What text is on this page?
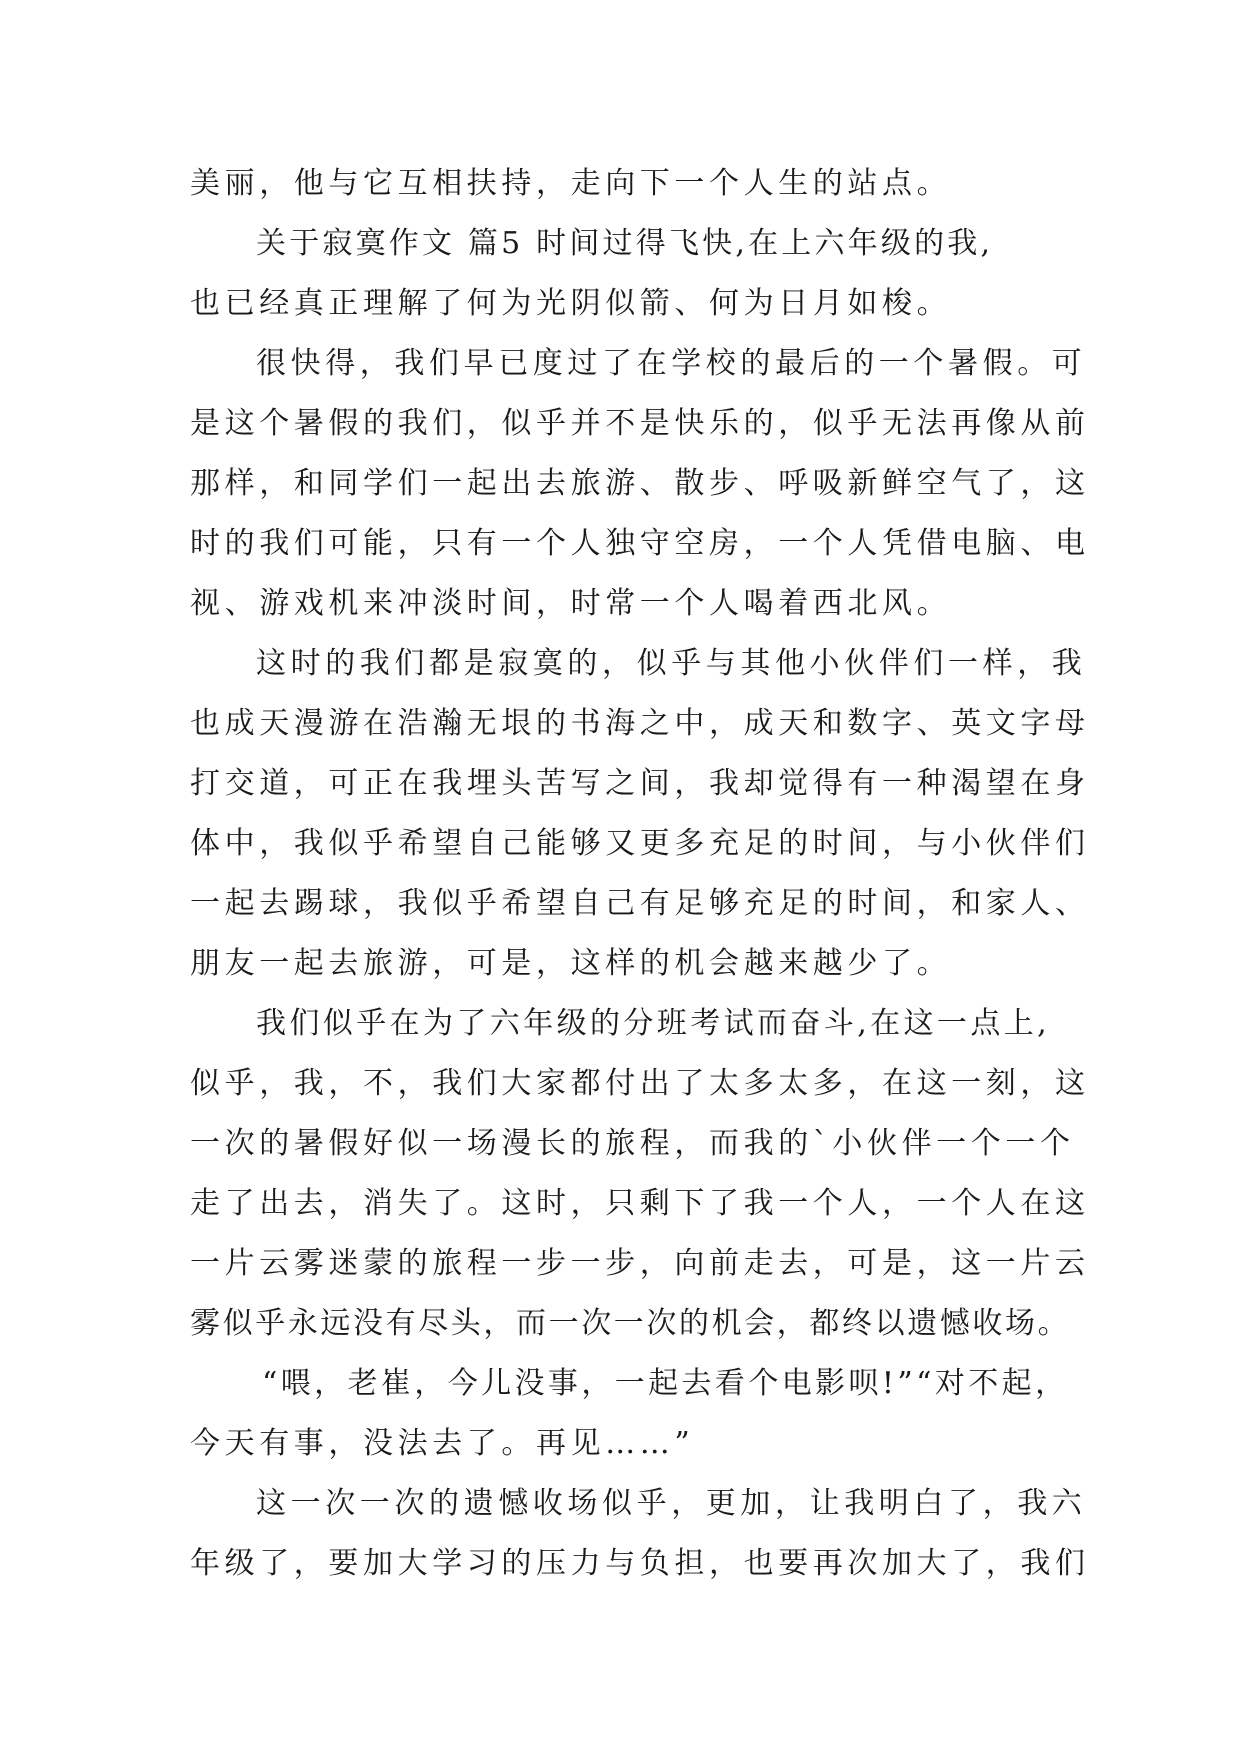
美丽，他与它互相扶持，走向下一个人生的站点。
关于寂寞作文 篇5 时间过得飞快,在上六年级的我,
也已经真正理解了何为光阴似箭、何为日月如梭。
很快得，我们早已度过了在学校的最后的一个暑假。可
是这个暑假的我们，似乎并不是快乐的，似乎无法再像从前
那样，和同学们一起出去旅游、散步、呼吸新鲜空气了，这
时的我们可能，只有一个人独守空房，一个人凭借电脑、电
视、游戏机来冲淡时间，时常一个人喝着西北风。
这时的我们都是寂寞的，似乎与其他小伙伴们一样，我
也成天漫游在浩瀚无垠的书海之中，成天和数字、英文字母
打交道，可正在我埋头苦写之间，我却觉得有一种渴望在身
体中，我似乎希望自己能够又更多充足的时间，与小伙伴们
一起去踢球，我似乎希望自己有足够充足的时间，和家人、
朋友一起去旅游，可是，这样的机会越来越少了。
我们似乎在为了六年级的分班考试而奋斗,在这一点上,
似乎，我，不，我们大家都付出了太多太多，在这一刻，这
一次的暑假好似一场漫长的旅程，而我的`小伙伴一个一个
走了出去，消失了。这时，只剩下了我一个人，一个人在这
一片云雾迷蒙的旅程一步一步，向前走去，可是，这一片云
雾似乎永远没有尽头，而一次一次的机会，都终以遗憾收场。
“喂，老崔，今儿没事，一起去看个电影呗!”“对不起，
今天有事，没法去了。再见……”
这一次一次的遗憾收场似乎，更加，让我明白了，我六
年级了，要加大学习的压力与负担，也要再次加大了，我们
